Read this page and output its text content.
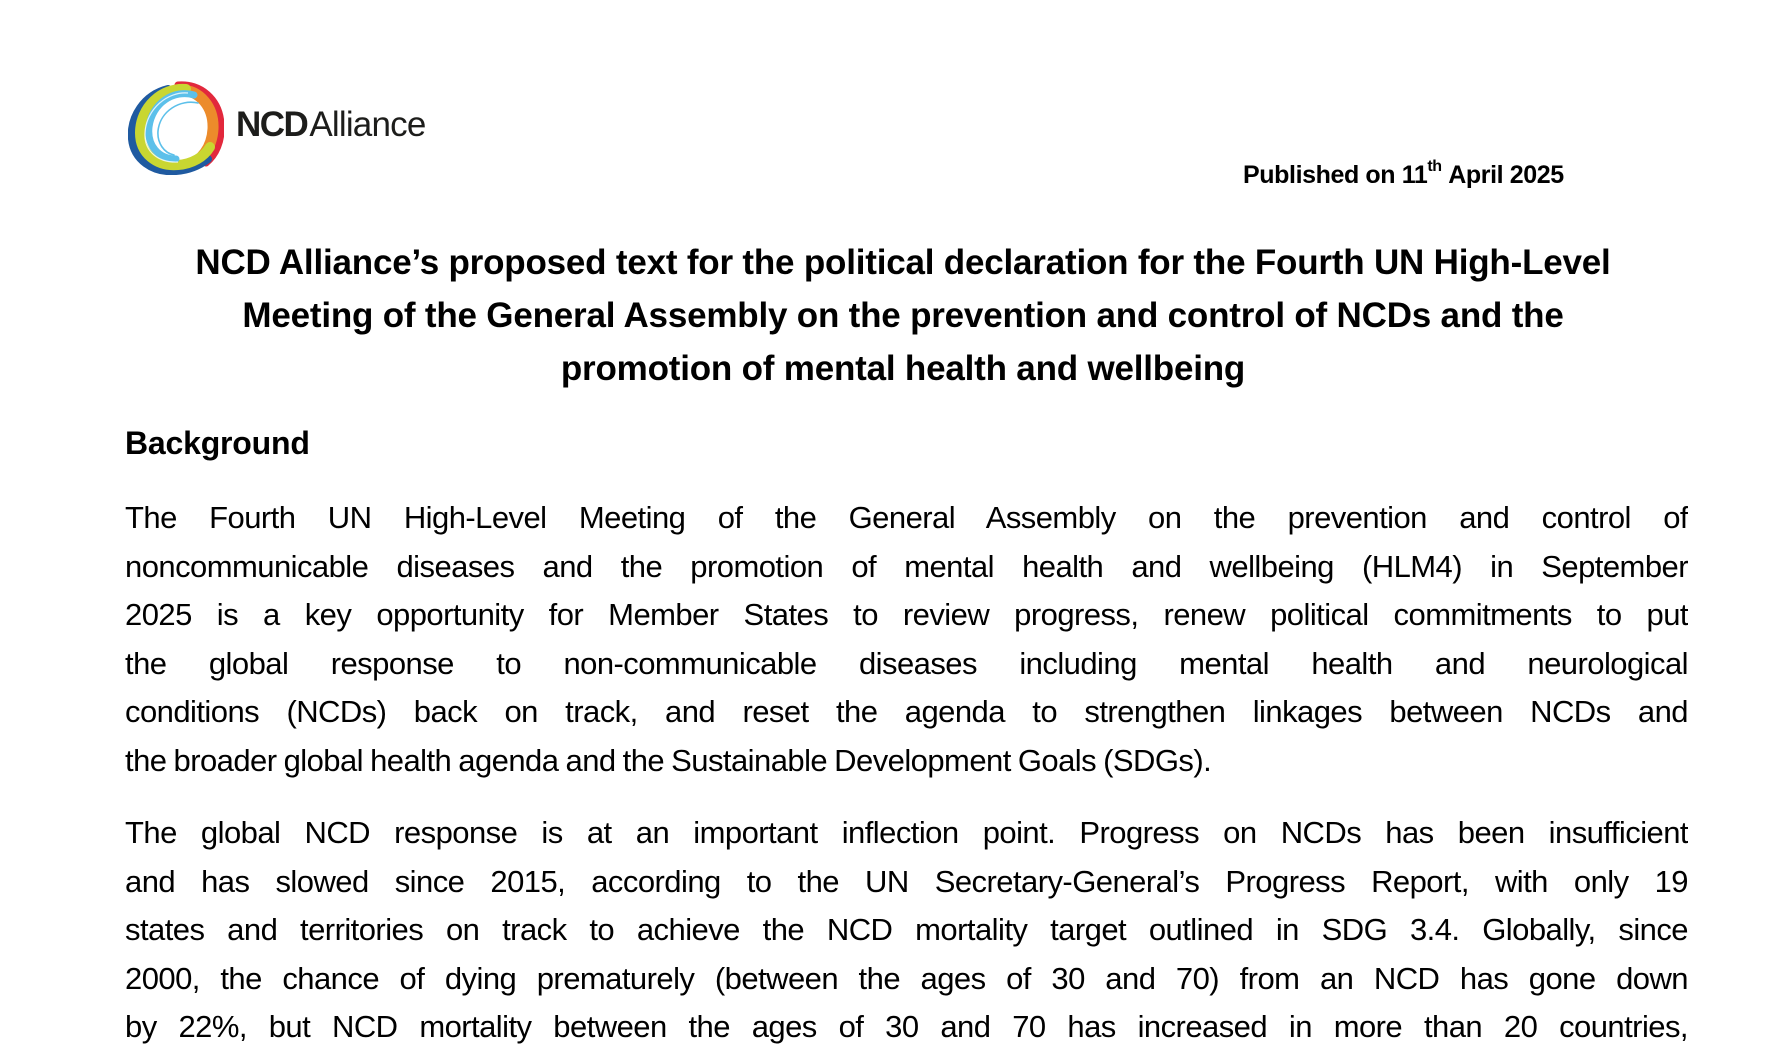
NCDAlliance
Published on 11th April 2025
NCD Alliance’s proposed text for the political declaration for the Fourth UN High-Level
Meeting of the General Assembly on the prevention and control of NCDs and the
promotion of mental health and wellbeing
Background

The Fourth UN High-Level Meeting of the General Assembly on the prevention and control of
noncommunicable diseases and the promotion of mental health and wellbeing (HLM4) in September
2025 is a key opportunity for Member States to review progress, renew political commitments to put
the global response to non-communicable diseases including mental health and neurological
conditions (NCDs) back on track, and reset the agenda to strengthen linkages between NCDs and
the broader global health agenda and the Sustainable Development Goals (SDGs).

The global NCD response is at an important inflection point. Progress on NCDs has been insufficient
and has slowed since 2015, according to the UN Secretary-General’s Progress Report, with only 19
states and territories on track to achieve the NCD mortality target outlined in SDG 3.4. Globally, since
2000, the chance of dying prematurely (between the ages of 30 and 70) from an NCD has gone down
by 22%, but NCD mortality between the ages of 30 and 70 has increased in more than 20 countries,
